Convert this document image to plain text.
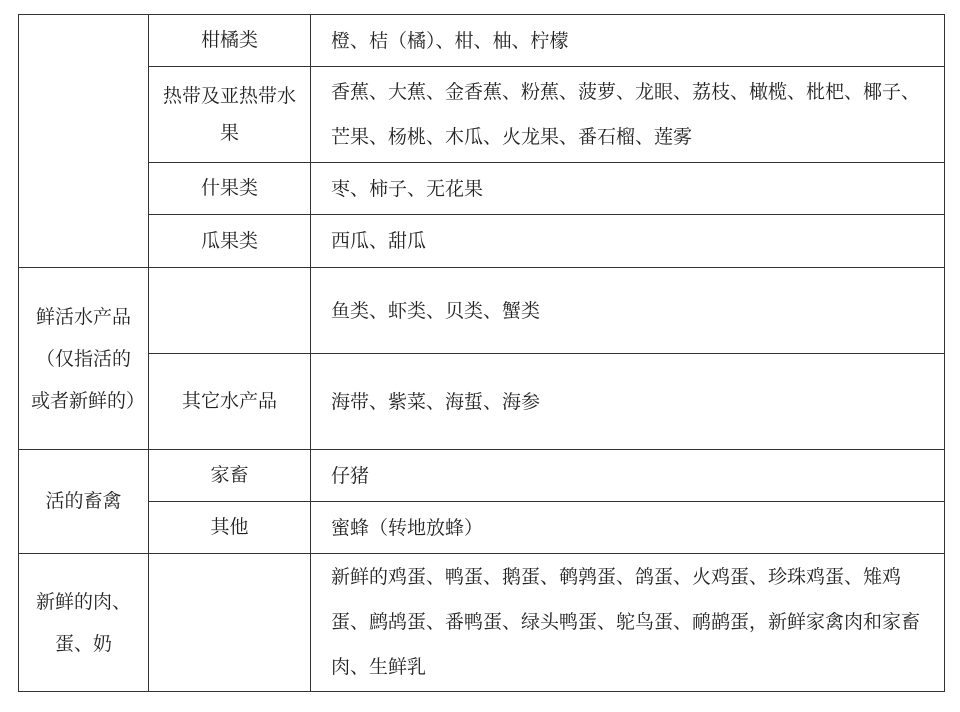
	柑橘类	橙、桔（橘）、柑、柚、柠檬
	热带及亚热带水果	香蕉、大蕉、金香蕉、粉蕉、菠萝、龙眼、荔枝、橄榄、枇杷、椰子、芒果、杨桃、木瓜、火龙果、番石榴、莲雾
	什果类	枣、柿子、无花果
	瓜果类	西瓜、甜瓜
鲜活水产品（仅指活的或者新鲜的）		鱼类、虾类、贝类、蟹类
	其它水产品	海带、紫菜、海蜇、海参
活的畜禽	家畜	仔猪
	其他	蜜蜂（转地放蜂）
新鲜的肉、蛋、奶		新鲜的鸡蛋、鸭蛋、鹅蛋、鹌鹑蛋、鸽蛋、火鸡蛋、珍珠鸡蛋、雉鸡蛋、鹧鸪蛋、番鸭蛋、绿头鸭蛋、鸵鸟蛋、鸸鹋蛋，新鲜家禽肉和家畜肉、生鲜乳
